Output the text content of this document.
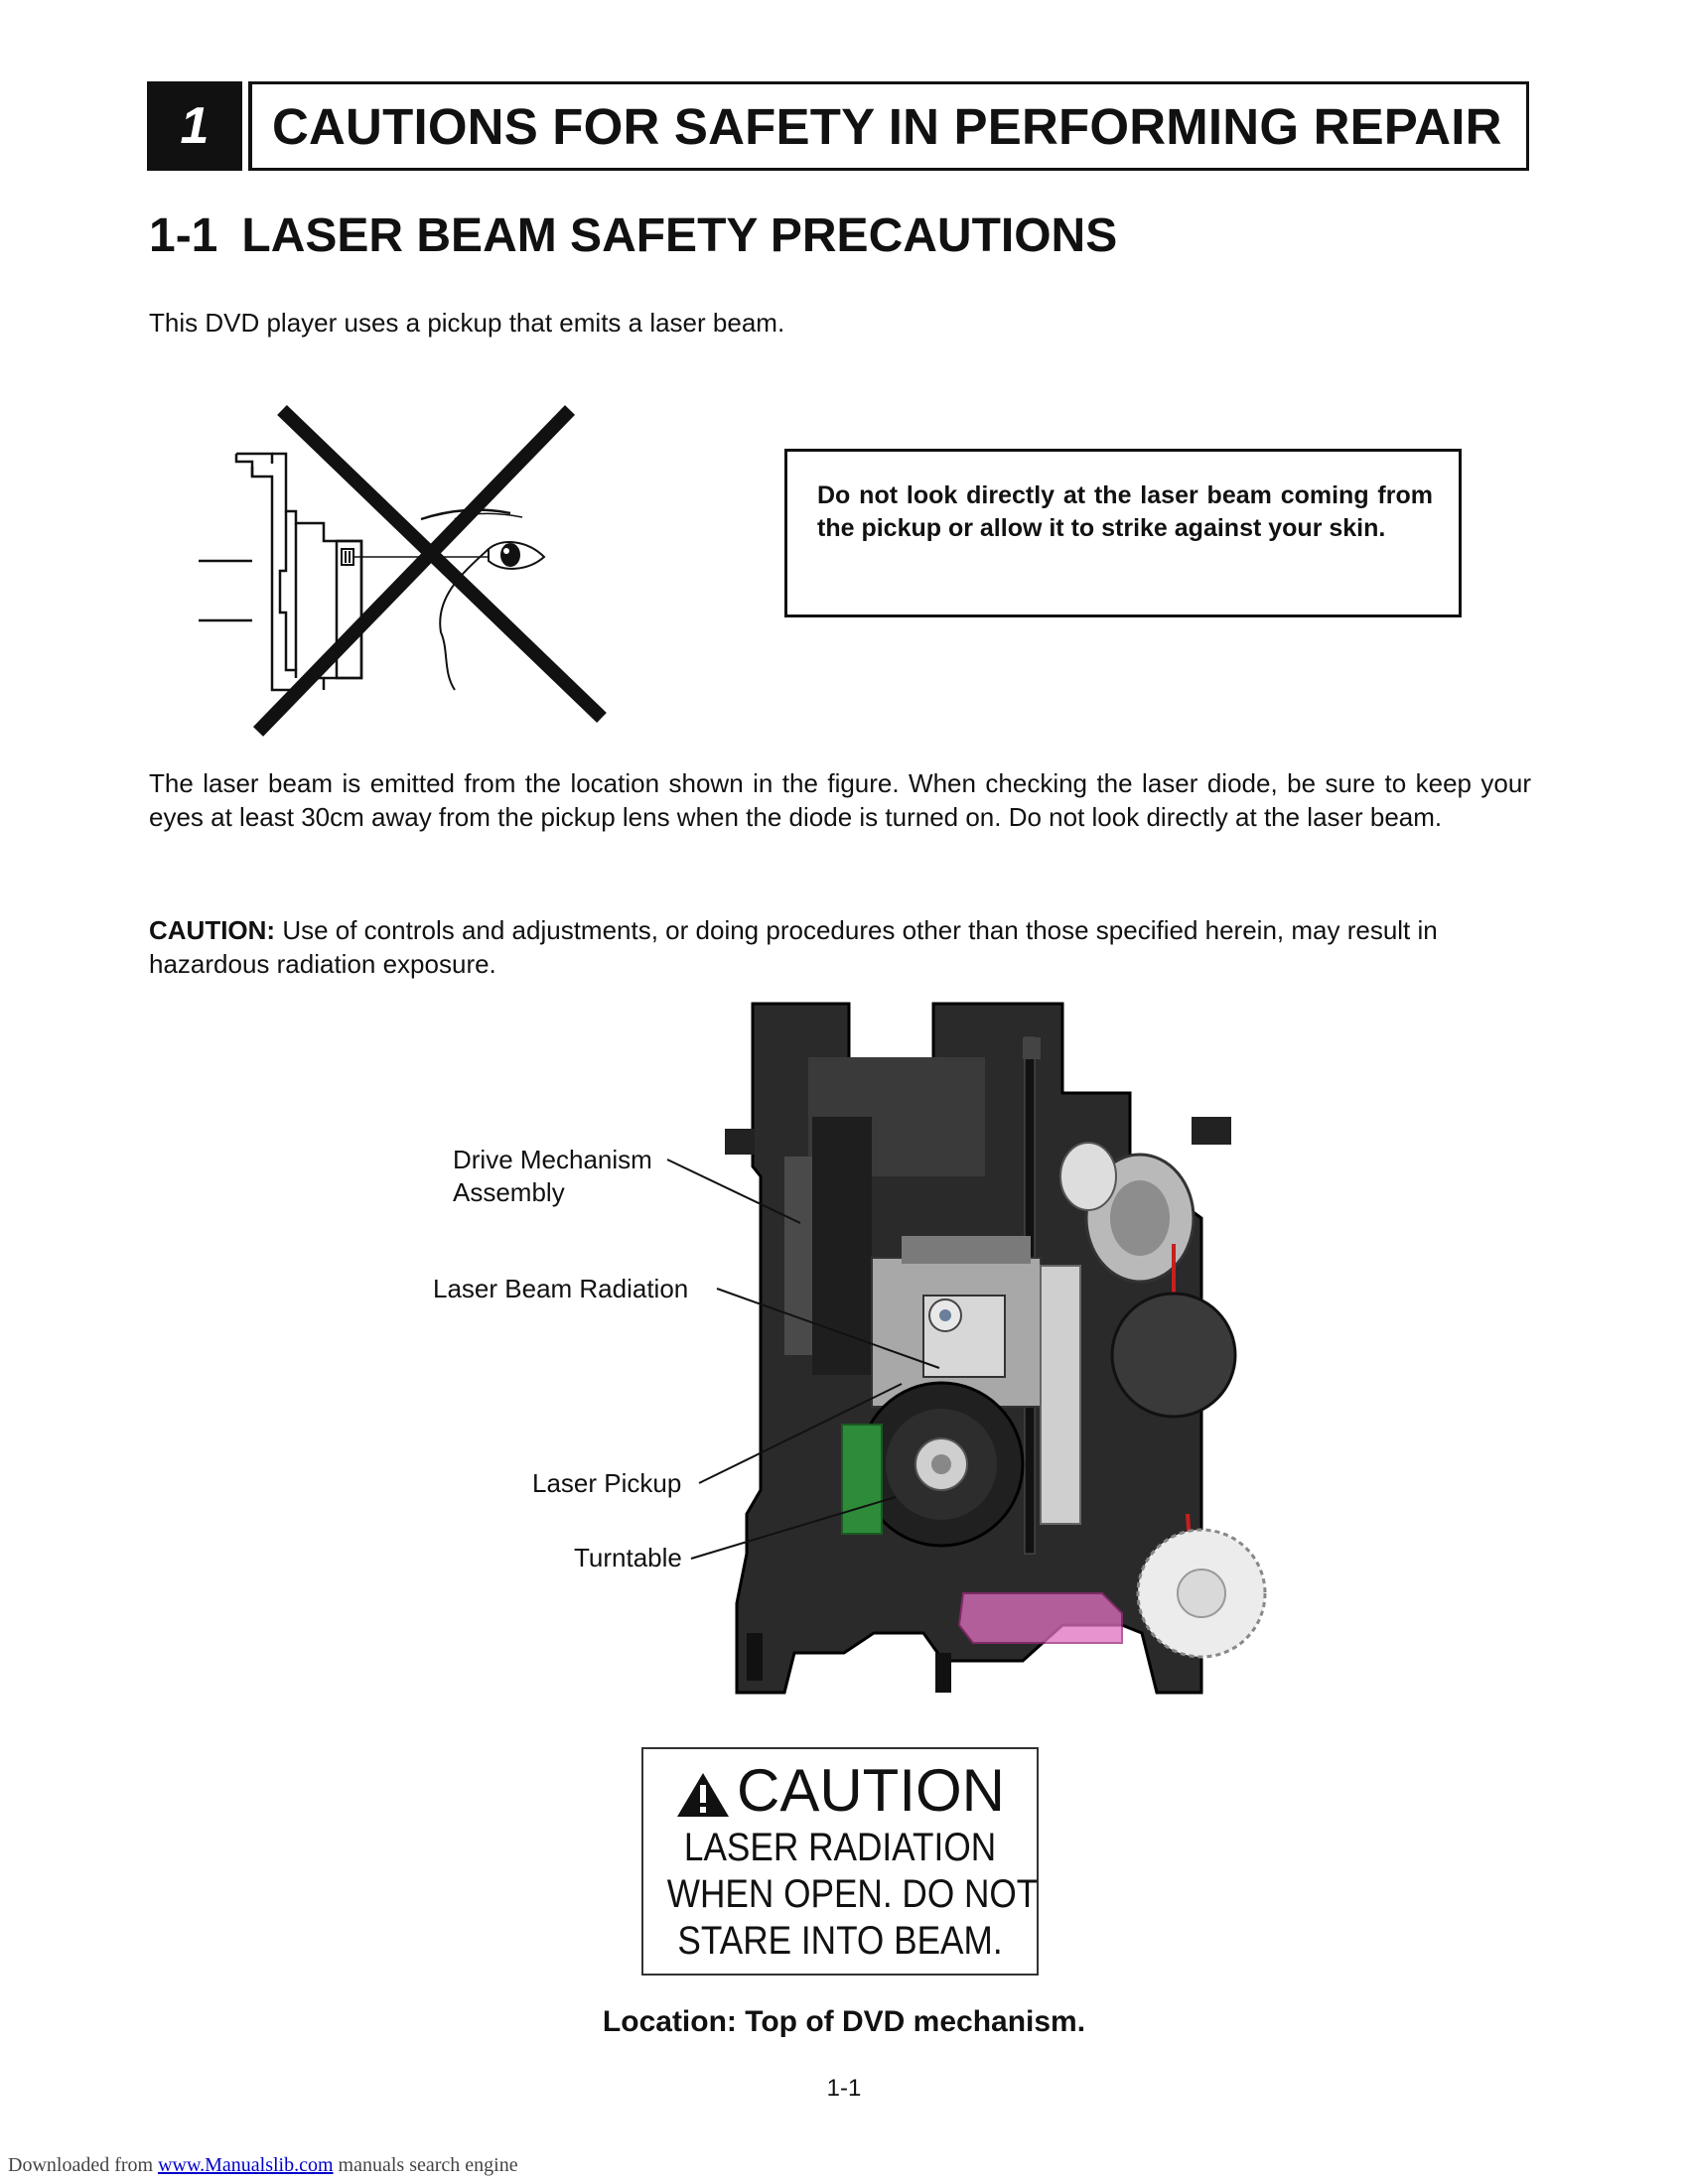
1	CAUTIONS FOR SAFETY IN PERFORMING REPAIR
1-1 LASER BEAM SAFETY PRECAUTIONS
This DVD player uses a pickup that emits a laser beam.
Do not look directly at the laser beam coming from the pickup or allow it to strike against your skin.
The laser beam is emitted from the location shown in the figure. When checking the laser diode, be sure to keep your eyes at least 30cm away from the pickup lens when the diode is turned on. Do not look directly at the laser beam.
CAUTION: Use of controls and adjustments, or doing procedures other than those specified herein, may result in hazardous radiation exposure.
Drive Mechanism
Assembly
Laser Beam Radiation
Laser Pickup
Turntable
CAUTION
LASER RADIATION
WHEN OPEN. DO NOT
STARE INTO BEAM.
Location: Top of DVD mechanism.
1-1
Downloaded from www.Manualslib.com manuals search engine
